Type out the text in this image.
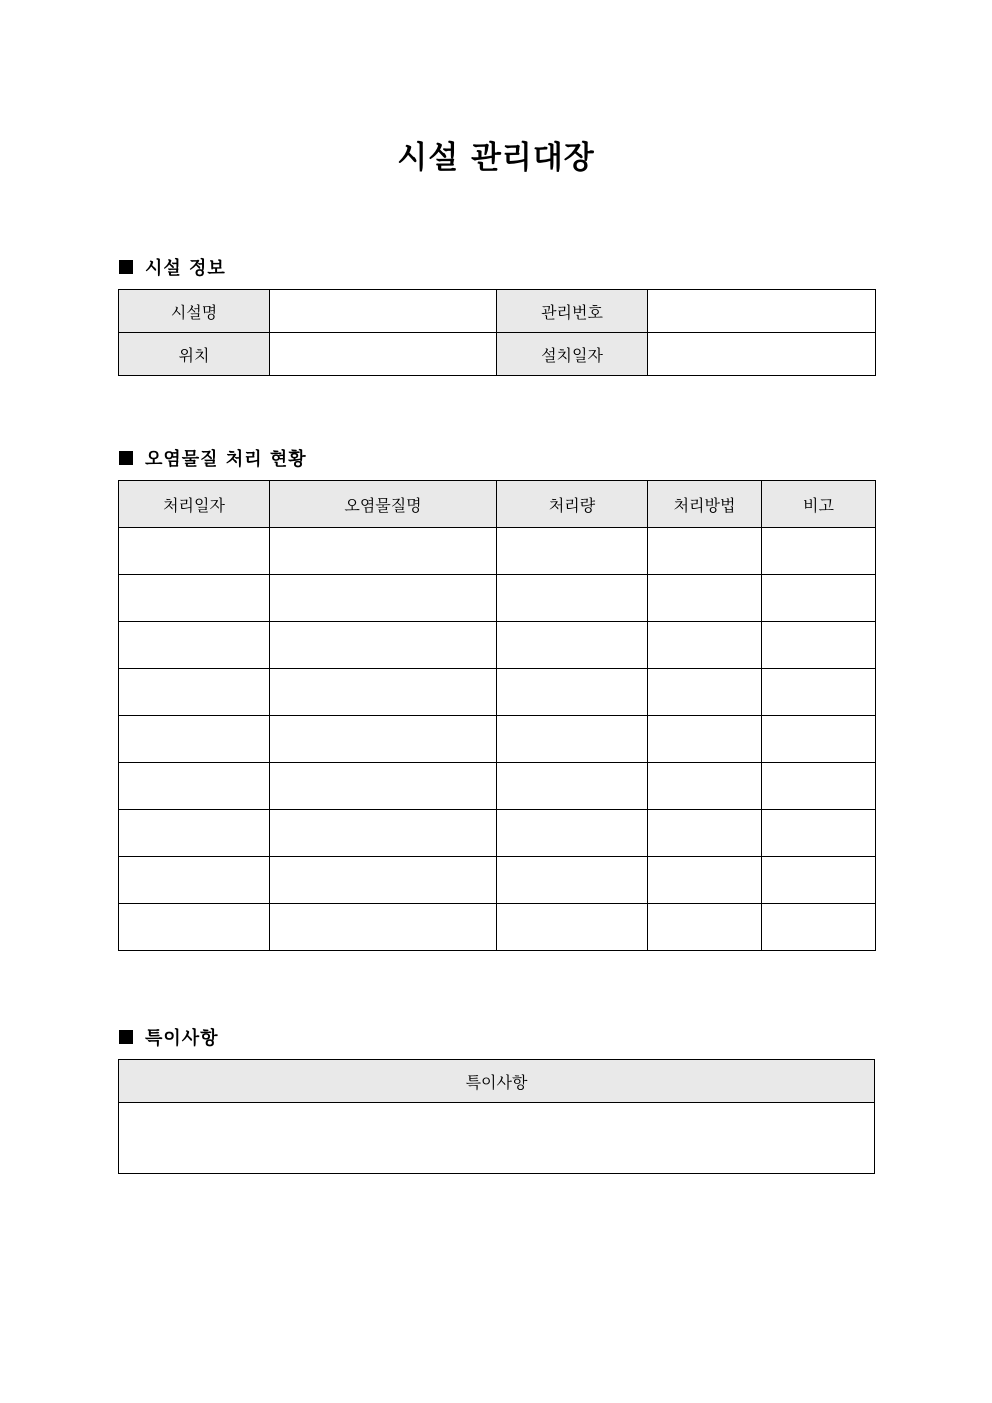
시설 관리대장
시설 정보
시설명		관리번호	
위치		설치일자	
오염물질 처리 현황
처리일자	오염물질명	처리량	처리방법	비고

특이사항
특이사항
